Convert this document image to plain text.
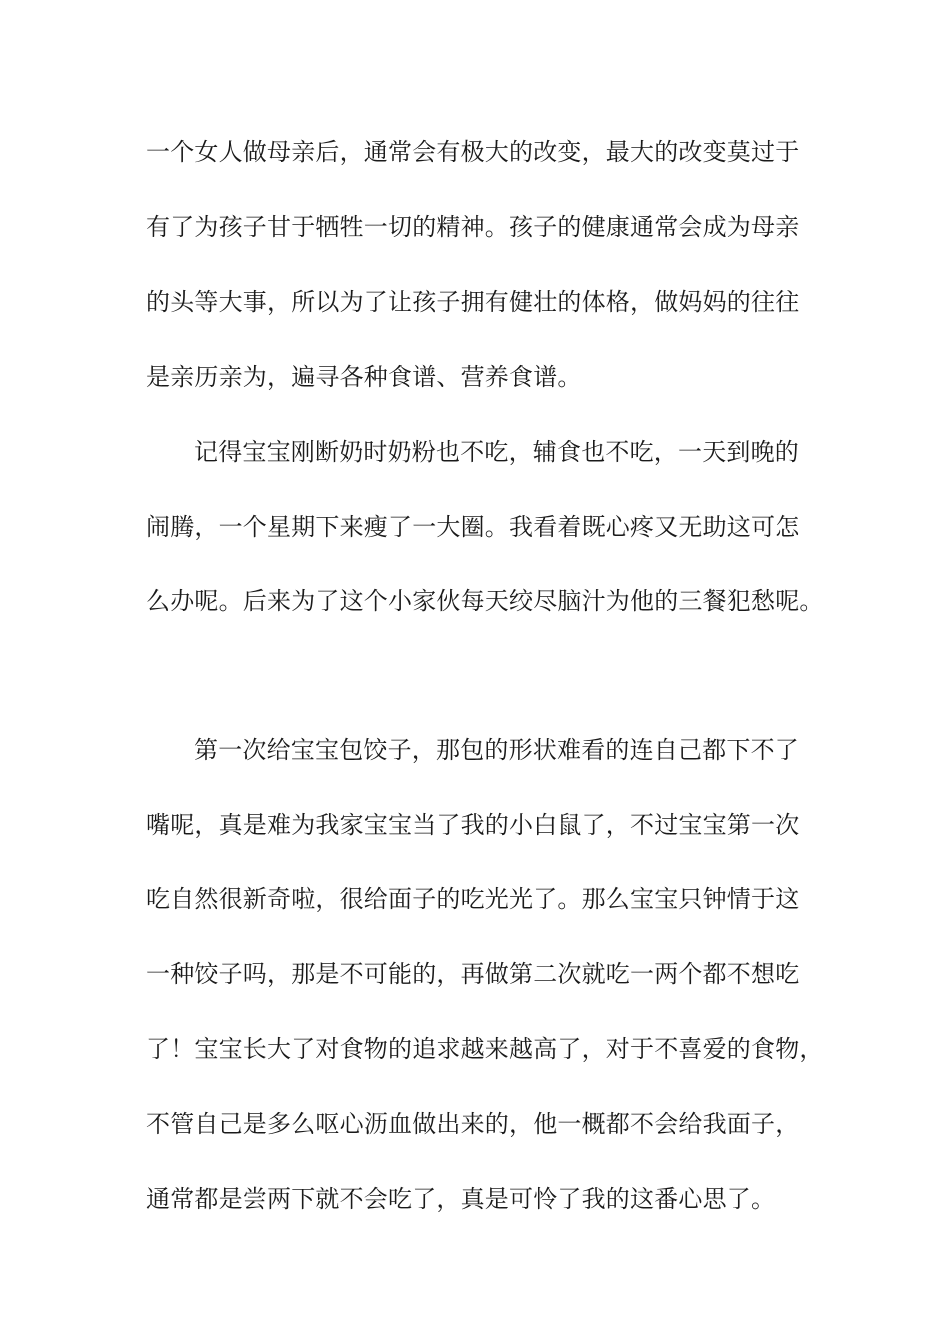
一个女人做母亲后，通常会有极大的改变，最大的改变莫过于
有了为孩子甘于牺牲一切的精神。孩子的健康通常会成为母亲
的头等大事，所以为了让孩子拥有健壮的体格，做妈妈的往往
是亲历亲为，遍寻各种食谱、营养食谱。
记得宝宝刚断奶时奶粉也不吃，辅食也不吃，一天到晚的
闹腾，一个星期下来瘦了一大圈。我看着既心疼又无助这可怎
么办呢。后来为了这个小家伙每天绞尽脑汁为他的三餐犯愁呢。
第一次给宝宝包饺子，那包的形状难看的连自己都下不了
嘴呢，真是难为我家宝宝当了我的小白鼠了，不过宝宝第一次
吃自然很新奇啦，很给面子的吃光光了。那么宝宝只钟情于这
一种饺子吗，那是不可能的，再做第二次就吃一两个都不想吃
了！宝宝长大了对食物的追求越来越高了，对于不喜爱的食物，
不管自己是多么呕心沥血做出来的，他一概都不会给我面子，
通常都是尝两下就不会吃了，真是可怜了我的这番心思了。
